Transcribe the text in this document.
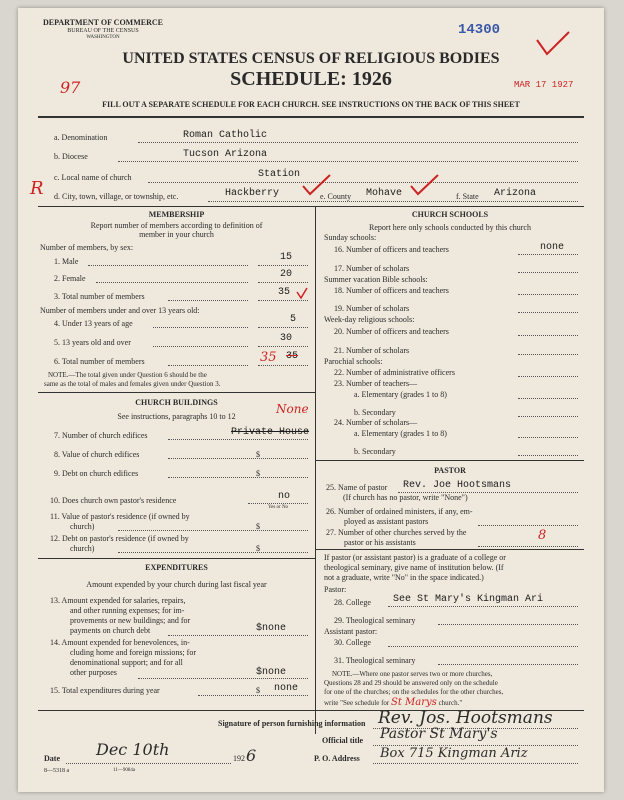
DEPARTMENT OF COMMERCE
BUREAU OF THE CENSUS
WASHINGTON	14300
MAR 17 1927
97
UNITED STATES CENSUS OF RELIGIOUS BODIES
SCHEDULE: 1926
FILL OUT A SEPARATE SCHEDULE FOR EACH CHURCH. SEE INSTRUCTIONS ON THE BACK OF THIS SHEET
a. Denomination	Roman Catholic
b. Diocese	Tucson Arizona
c. Local name of church	Station
R d. City, town, village, or township, etc.	Hackberry	e. County Mohave	f. State Arizona
MEMBERSHIP
Report number of members according to definition of
member in your church
Number of members, by sex:
1. Male	15
2. Female	20
3. Total number of members	35
Number of members under and over 13 years old:
4. Under 13 years of age	5
5. 13 years old and over	30
6. Total number of members	35 35
NOTE.—The total given under Question 6 should be the
same as the total of males and females given under Question 3.
CHURCH BUILDINGS
See instructions, paragraphs 10 to 12
None
7. Number of church edifices	Private House
8. Value of church edifices	$
9. Debt on church edifices	$
10. Does church own pastor's residence	no
Yes or No
11. Value of pastor's residence (if owned by
church)	$
12. Debt on pastor's residence (if owned by
church)	$
EXPENDITURES
Amount expended by your church during last fiscal year
13. Amount expended for salaries, repairs,
and other running expenses; for im-
provements or new buildings; and for
payments on church debt	$none
14. Amount expended for benevolences, in-
cluding home and foreign missions; for
denominational support; and for all
other purposes	$none
15. Total expenditures during year	$ none
CHURCH SCHOOLS
Report here only schools conducted by this church
Sunday schools:
16. Number of officers and teachers	none
17. Number of scholars
Summer vacation Bible schools:
18. Number of officers and teachers
19. Number of scholars
Week-day religious schools:
20. Number of officers and teachers
21. Number of scholars
Parochial schools:
22. Number of administrative officers
23. Number of teachers—
a. Elementary (grades 1 to 8)
b. Secondary
24. Number of scholars—
a. Elementary (grades 1 to 8)
b. Secondary
PASTOR
25. Name of pastor Rev. Joe Hootsmans
(If church has no pastor, write "None")
26. Number of ordained ministers, if any, em-
ployed as assistant pastors
27. Number of other churches served by the
pastor or his assistants	8
If pastor (or assistant pastor) is a graduate of a college or
theological seminary, give name of institution below. (If
not a graduate, write "No" in the space indicated.)
Pastor:
28. College See St Mary's Kingman Ari
29. Theological seminary
Assistant pastor:
30. College
31. Theological seminary
NOTE.—Where one pastor serves two or more churches,
Questions 28 and 29 should be answered only on the schedule
for one of the churches; on the schedules for the other churches,
write "See schedule for St Marys church."
Signature of person furnishing information Rev. Jos. Hootsmans
Official title Pastor St Mary's
Date Dec 10th	192 6	P. O. Address Box 715 Kingman Ariz
8—5318 a	11—9084a
